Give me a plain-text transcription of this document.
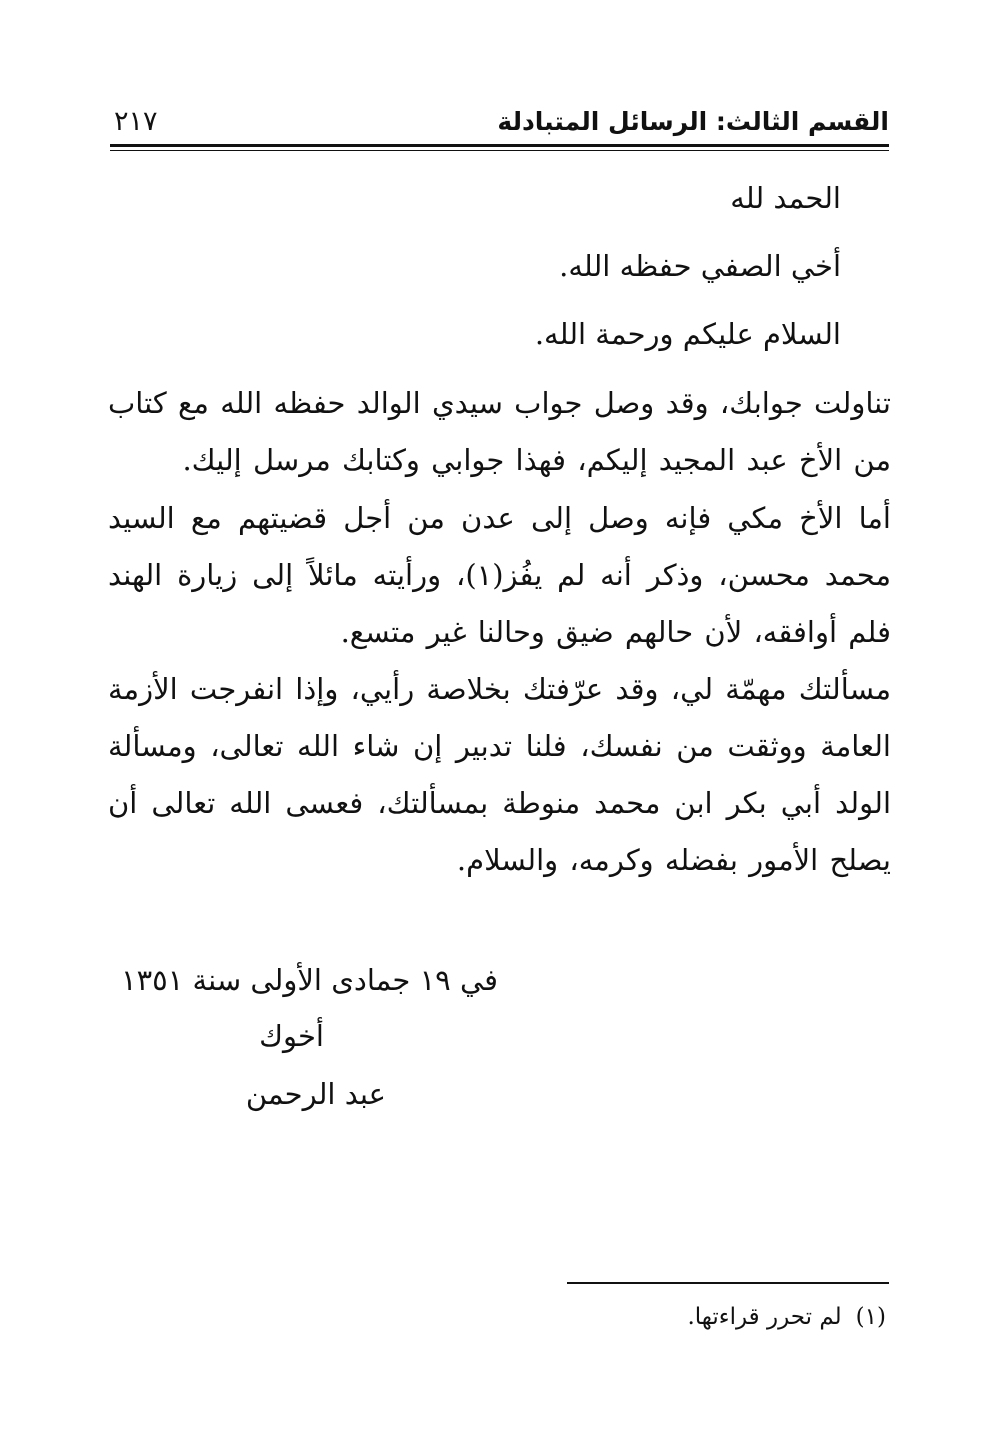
القسم الثالث: الرسائل المتبادلة
٢١٧
الحمد لله
أخي الصفي حفظه الله.
السلام عليكم ورحمة الله.
تناولت جوابك، وقد وصل جواب سيدي الوالد حفظه الله مع كتاب من الأخ عبد المجيد إليكم، فهذا جوابي وكتابك مرسل إليك.
أما الأخ مكي فإنه وصل إلى عدن من أجل قضيتهم مع السيد محمد محسن، وذكر أنه لم يفُز(١)، ورأيته مائلاً إلى زيارة الهند فلم أوافقه، لأن حالهم ضيق وحالنا غير متسع.
مسألتك مهمّة لي، وقد عرّفتك بخلاصة رأيي، وإذا انفرجت الأزمة العامة ووثقت من نفسك، فلنا تدبير إن شاء الله تعالى، ومسألة الولد أبي بكر ابن محمد منوطة بمسألتك، فعسى الله تعالى أن يصلح الأمور بفضله وكرمه، والسلام.
في ١٩ جمادى الأولى سنة ١٣٥١
أخوك
عبد الرحمن
(١)لم تحرر قراءتها.
